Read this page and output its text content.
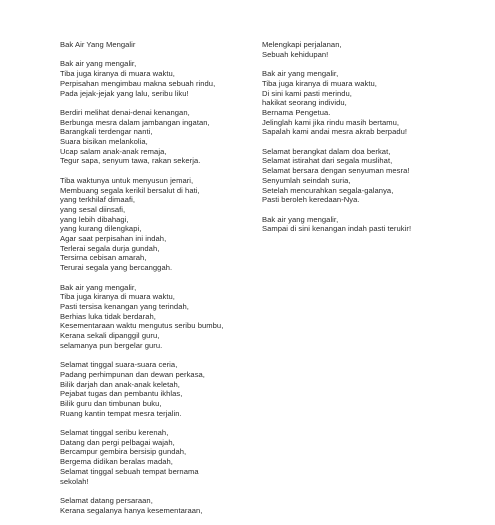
Bak Air Yang Mengalir
Bak air yang mengalir,
Tiba juga kiranya di muara waktu,
Perpisahan mengimbau makna sebuah rindu,
Pada jejak-jejak yang lalu, seribu liku!
Berdiri melihat denai-denai kenangan,
Berbunga mesra dalam jambangan ingatan,
Barangkali terdengar nanti,
Suara bisikan melankolia,
Ucap salam anak-anak remaja,
Tegur sapa, senyum tawa, rakan sekerja.
Tiba waktunya untuk menyusun jemari,
Membuang segala kerikil bersalut di hati,
yang terkhilaf dimaafi,
yang sesal diinsafi,
yang lebih dibahagi,
yang kurang dilengkapi,
Agar saat perpisahan ini indah,
Terlerai segala durja gundah,
Tersirna cebisan amarah,
Terurai segala yang bercanggah.
Bak air yang mengalir,
Tiba juga kiranya di muara waktu,
Pasti tersisa kenangan yang terindah,
Berhias luka tidak berdarah,
Kesementaraan waktu mengutus seribu bumbu,
Kerana sekali dipanggil guru,
selamanya pun bergelar guru.
Selamat tinggal suara-suara ceria,
Padang perhimpunan dan dewan perkasa,
Bilik darjah dan anak-anak keletah,
Pejabat tugas dan pembantu ikhlas,
Bilik guru dan timbunan buku,
Ruang kantin tempat mesra terjalin.
Selamat tinggal seribu kerenah,
Datang dan pergi pelbagai wajah,
Bercampur gembira bersisip gundah,
Bergema didikan beralas madah,
Selamat tinggal sebuah tempat bernama
sekolah!
Selamat datang persaraan,
Kerana segalanya hanya kesementaraan,
Melengkapi perjalanan,
Sebuah kehidupan!
Bak air yang mengalir,
Tiba juga kiranya di muara waktu,
Di sini kami pasti merindu,
hakikat seorang individu,
Bernama Pengetua.
Jelinglah kami jika rindu masih bertamu,
Sapalah kami andai mesra akrab berpadu!
Selamat berangkat dalam doa berkat,
Selamat istirahat dari segala muslihat,
Selamat bersara dengan senyuman mesra!
Senyumlah seindah suria,
Setelah mencurahkan segala-galanya,
Pasti beroleh keredaan-Nya.
Bak air yang mengalir,
Sampai di sini kenangan indah pasti terukir!
